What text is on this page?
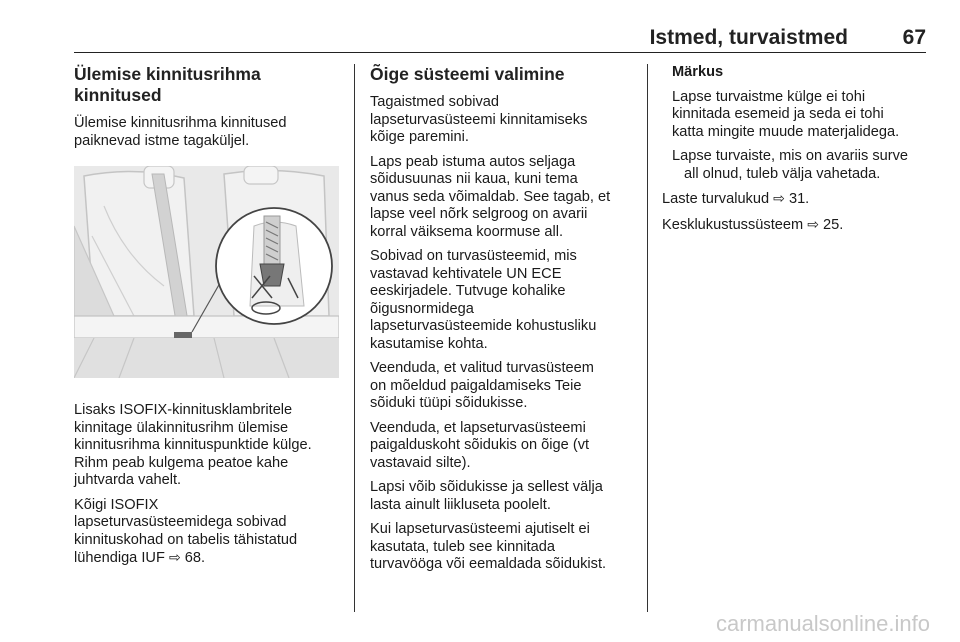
Istmed, turvaistmed	67
Ülemise kinnitusrihma kinnitused

Ülemise kinnitusrihma kinnitused
paiknevad istme tagaküljel.

Lisaks ISOFIX-kinnitusklambritele
kinnitage ülakinnitusrihm ülemise
kinnitusrihma kinnituspunktide külge.
Rihm peab kulgema peatoe kahe
juhtvarda vahelt.

Kõigi ISOFIX
lapseturvasüsteemidega sobivad
kinnituskohad on tabelis tähistatud
lühendiga IUF ⇨ 68.

Õige süsteemi valimine

Tagaistmed sobivad
lapseturvasüsteemi kinnitamiseks
kõige paremini.

Laps peab istuma autos seljaga
sõidusuunas nii kaua, kuni tema
vanus seda võimaldab. See tagab, et
lapse veel nõrk selgroog on avarii
korral väiksema koormuse all.

Sobivad on turvasüsteemid, mis
vastavad kehtivatele UN ECE
eeskirjadele. Tutvuge kohalike
õigusnormidega
lapseturvasüsteemide kohustusliku
kasutamise kohta.

Veenduda, et valitud turvasüsteem
on mõeldud paigaldamiseks Teie
sõiduki tüüpi sõidukisse.

Veenduda, et lapseturvasüsteemi
paigalduskoht sõidukis on õige (vt
vastavaid silte).

Lapsi võib sõidukisse ja sellest välja
lasta ainult liikluseta poolelt.

Kui lapseturvasüsteemi ajutiselt ei
kasutata, tuleb see kinnitada
turvavööga või eemaldada sõidukist.

Märkus

Lapse turvaistme külge ei tohi
kinnitada esemeid ja seda ei tohi
katta mingite muude materjalidega.

Lapse turvaiste, mis on avariis surve
all olnud, tuleb välja vahetada.

Laste turvalukud ⇨ 31.

Kesklukustussüsteem ⇨ 25.

carmanualsonline.info
